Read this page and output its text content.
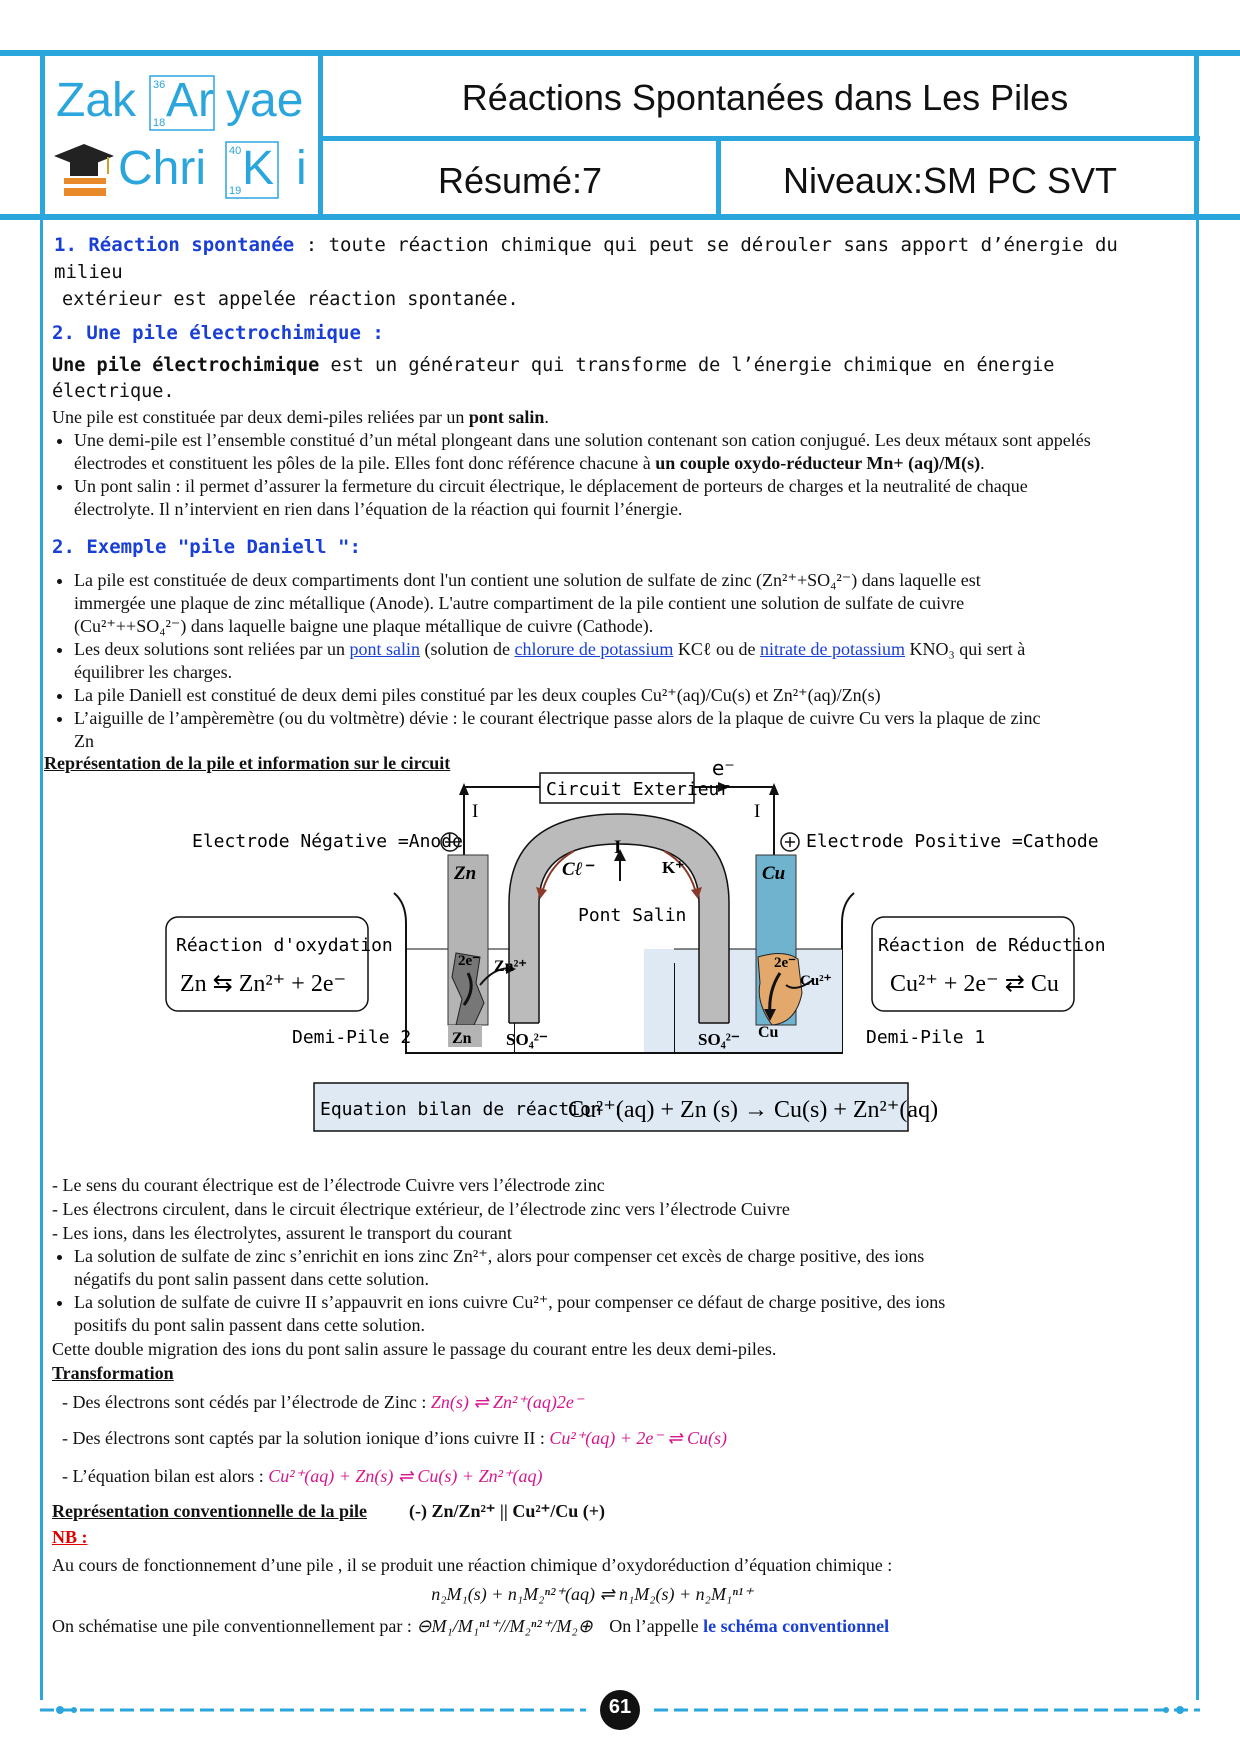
Zak Ar yae
Chri K i
36
18
40
19
Réactions Spontanées dans Les Piles
Résumé:7	Niveaux:SM PC SVT
1. Réaction spontanée : toute réaction chimique qui peut se dérouler sans apport d’énergie du milieu
extérieur est appelée réaction spontanée.
2. Une pile électrochimique :
Une pile électrochimique est un générateur qui transforme de l’énergie chimique en énergie électrique.
Une pile est constituée par deux demi-piles reliées par un pont salin.
• Une demi-pile est l’ensemble constitué d’un métal plongeant dans une solution contenant son cation conjugué. Les deux métaux sont appelés électrodes et constituent les pôles de la pile. Elles font donc référence chacune à un couple oxydo-réducteur Mn+ (aq)/M(s).
• Un pont salin : il permet d’assurer la fermeture du circuit électrique, le déplacement de porteurs de charges et la neutralité de chaque électrolyte. Il n’intervient en rien dans l’équation de la réaction qui fournit l’énergie.
2. Exemple "pile Daniell ":
• La pile est constituée de deux compartiments dont l'un contient une solution de sulfate de zinc (Zn²⁺+SO₄²⁻) dans laquelle est immergée une plaque de zinc métallique (Anode). L'autre compartiment de la pile contient une solution de sulfate de cuivre (Cu²⁺++SO₄²⁻) dans laquelle baigne une plaque métallique de cuivre (Cathode).
• Les deux solutions sont reliées par un pont salin (solution de chlorure de potassium KCℓ ou de nitrate de potassium KNO₃ qui sert à équilibrer les charges.
• La pile Daniell est constitué de deux demi piles constitué par les deux couples Cu²⁺(aq)/Cu(s) et Zn²⁺(aq)/Zn(s)
• L’aiguille de l’ampèremètre (ou du voltmètre) dévie : le courant électrique passe alors de la plaque de cuivre Cu vers la plaque de zinc Zn
Représentation de la pile et information sur le circuit
Circuit Exterieur
e⁻
I	I
Electrode Négative =Anode	Electrode Positive =Cathode
I
Cℓ⁻	K⁺
Pont Salin
Zn
Zn
2e⁻ Zn²⁺
SO₄²⁻
Cu
2e⁻
Cu²⁺
Cu
SO₄²⁻
Réaction d'oxydation
Zn ⇆ Zn²⁺ + 2e⁻
Réaction de Réduction
Cu²⁺ + 2e⁻ ⇄ Cu
Demi-Pile 2	Demi-Pile 1
Equation bilan de réaction :
Cu²⁺(aq) + Zn (s) → Cu(s) + Zn²⁺(aq)
- Le sens du courant électrique est de l’électrode Cuivre vers l’électrode zinc
- Les électrons circulent, dans le circuit électrique extérieur, de l’électrode zinc vers l’électrode Cuivre
- Les ions, dans les électrolytes, assurent le transport du courant
• La solution de sulfate de zinc s’enrichit en ions zinc Zn²⁺, alors pour compenser cet excès de charge positive, des ions négatifs du pont salin passent dans cette solution.
• La solution de sulfate de cuivre II s’appauvrit en ions cuivre Cu²⁺, pour compenser ce défaut de charge positive, des ions positifs du pont salin passent dans cette solution.
Cette double migration des ions du pont salin assure le passage du courant entre les deux demi-piles.
Transformation
- Des électrons sont cédés par l’électrode de Zinc : Zn(s) ⇌ Zn²⁺(aq)2e⁻
- Des électrons sont captés par la solution ionique d’ions cuivre II : Cu²⁺(aq) + 2e⁻ ⇌ Cu(s)
- L’équation bilan est alors : Cu²⁺(aq) + Zn(s) ⇌ Cu(s) + Zn²⁺(aq)
Représentation conventionnelle de la pile (-) Zn/Zn²⁺ || Cu²⁺/Cu (+)
NB :
Au cours de fonctionnement d’une pile , il se produit une réaction chimique d’oxydoréduction d’équation chimique :
n₂M₁(s) + n₁M₂ⁿ²⁺(aq) ⇌ n₁M₂(s) + n₂M₁ⁿ¹⁺
On schématise une pile conventionnellement par : ⊖M₁/M₁ⁿ¹⁺//M₂ⁿ²⁺/M₂⊕ On l’appelle le schéma conventionnel
61
